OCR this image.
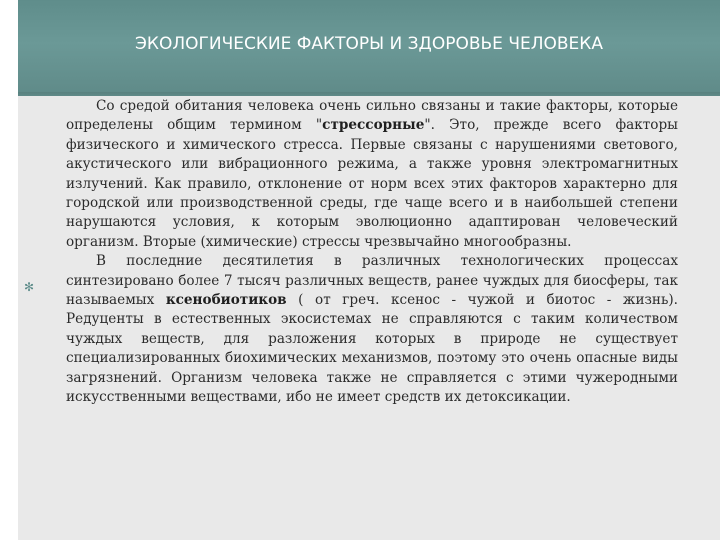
ЭКОЛОГИЧЕСКИЕ ФАКТОРЫ И ЗДОРОВЬЕ ЧЕЛОВЕКА
✻

Со средой обитания человека очень сильно связаны и такие факторы, которые определены общим термином "стрессорные". Это, прежде всего факторы физического и химического стресса. Первые связаны с нарушениями светового, акустического или вибрационного режима, а также уровня электромагнитных излучений. Как правило, отклонение от норм всех этих факторов характерно для городской или производственной среды, где чаще всего и в наибольшей степени нарушаются условия, к которым эволюционно адаптирован человеческий организм. Вторые (химические) стрессы чрезвычайно многообразны.

В последние десятилетия в различных технологических процессах синтезировано более 7 тысяч различных веществ, ранее чуждых для биосферы, так называемых ксенобиотиков ( от греч. ксенос - чужой и биотос - жизнь). Редуценты в естественных экосистемах не справляются с таким количеством чуждых веществ, для разложения которых в природе не существует специализированных биохимических механизмов, поэтому это очень опасные виды загрязнений. Организм человека также не справляется с этими чужеродными искусственными веществами, ибо не имеет средств их детоксикации.
